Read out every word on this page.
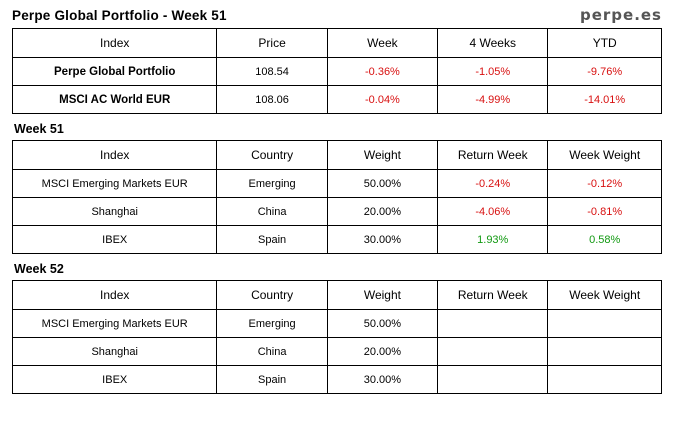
Perpe Global Portfolio - Week 51	perpe.es
Index	Price	Week	4 Weeks	YTD
Perpe Global Portfolio	108.54	-0.36%	-1.05%	-9.76%
MSCI AC World EUR	108.06	-0.04%	-4.99%	-14.01%
Week 51
Index	Country	Weight	Return Week	Week Weight
MSCI Emerging Markets EUR	Emerging	50.00%	-0.24%	-0.12%
Shanghai	China	20.00%	-4.06%	-0.81%
IBEX	Spain	30.00%	1.93%	0.58%
Week 52
Index	Country	Weight	Return Week	Week Weight
MSCI Emerging Markets EUR	Emerging	50.00%		
Shanghai	China	20.00%		
IBEX	Spain	30.00%		
